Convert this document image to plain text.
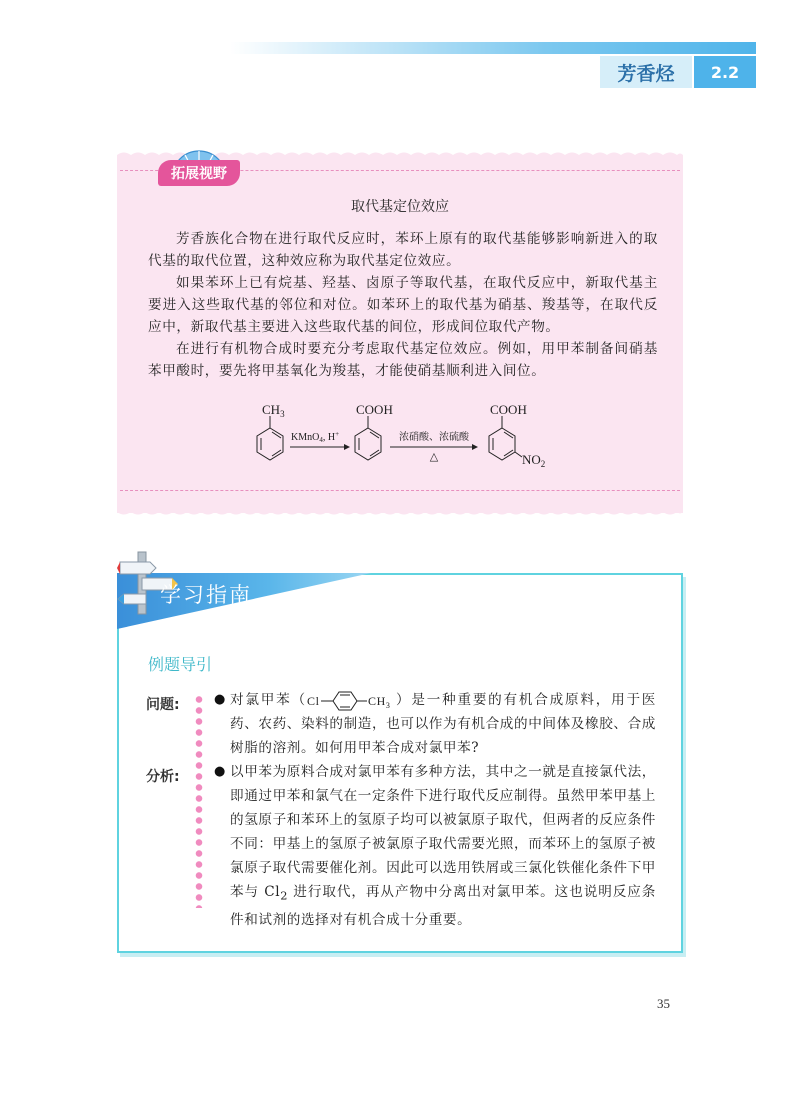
芳香烃	2.2
拓展视野
取代基定位效应
芳香族化合物在进行取代反应时，苯环上原有的取代基能够影响新进入的取代基的取代位置，这种效应称为取代基定位效应。
如果苯环上已有烷基、羟基、卤原子等取代基，在取代反应中，新取代基主要进入这些取代基的邻位和对位。如苯环上的取代基为硝基、羧基等，在取代反应中，新取代基主要进入这些取代基的间位，形成间位取代产物。
在进行有机物合成时要充分考虑取代基定位效应。例如，用甲苯制备间硝基苯甲酸时，要先将甲基氧化为羧基，才能使硝基顺利进入间位。
$CH_3$
KMnO$_4$, H+
COOH
浓硝酸、浓硫酸
△
COOH
$NO_2$
学习指南
例题导引
问题:
分析:
●
●
对氯甲苯（ Cl	$CH_3$ ）是一种重要的有机合成原料，用于医药、农药、染料的制造，也可以作为有机合成的中间体及橡胶、合成树脂的溶剂。如何用甲苯合成对氯甲苯?
以甲苯为原料合成对氯甲苯有多种方法，其中之一就是直接氯代法，即通过甲苯和氯气在一定条件下进行取代反应制得。虽然甲苯甲基上的氢原子和苯环上的氢原子均可以被氯原子取代，但两者的反应条件不同：甲基上的氢原子被氯原子取代需要光照，而苯环上的氢原子被氯原子取代需要催化剂。因此可以选用铁屑或三氯化铁催化条件下甲苯与 $Cl_2$ 进行取代，再从产物中分离出对氯甲苯。这也说明反应条件和试剂的选择对有机合成十分重要。
35
